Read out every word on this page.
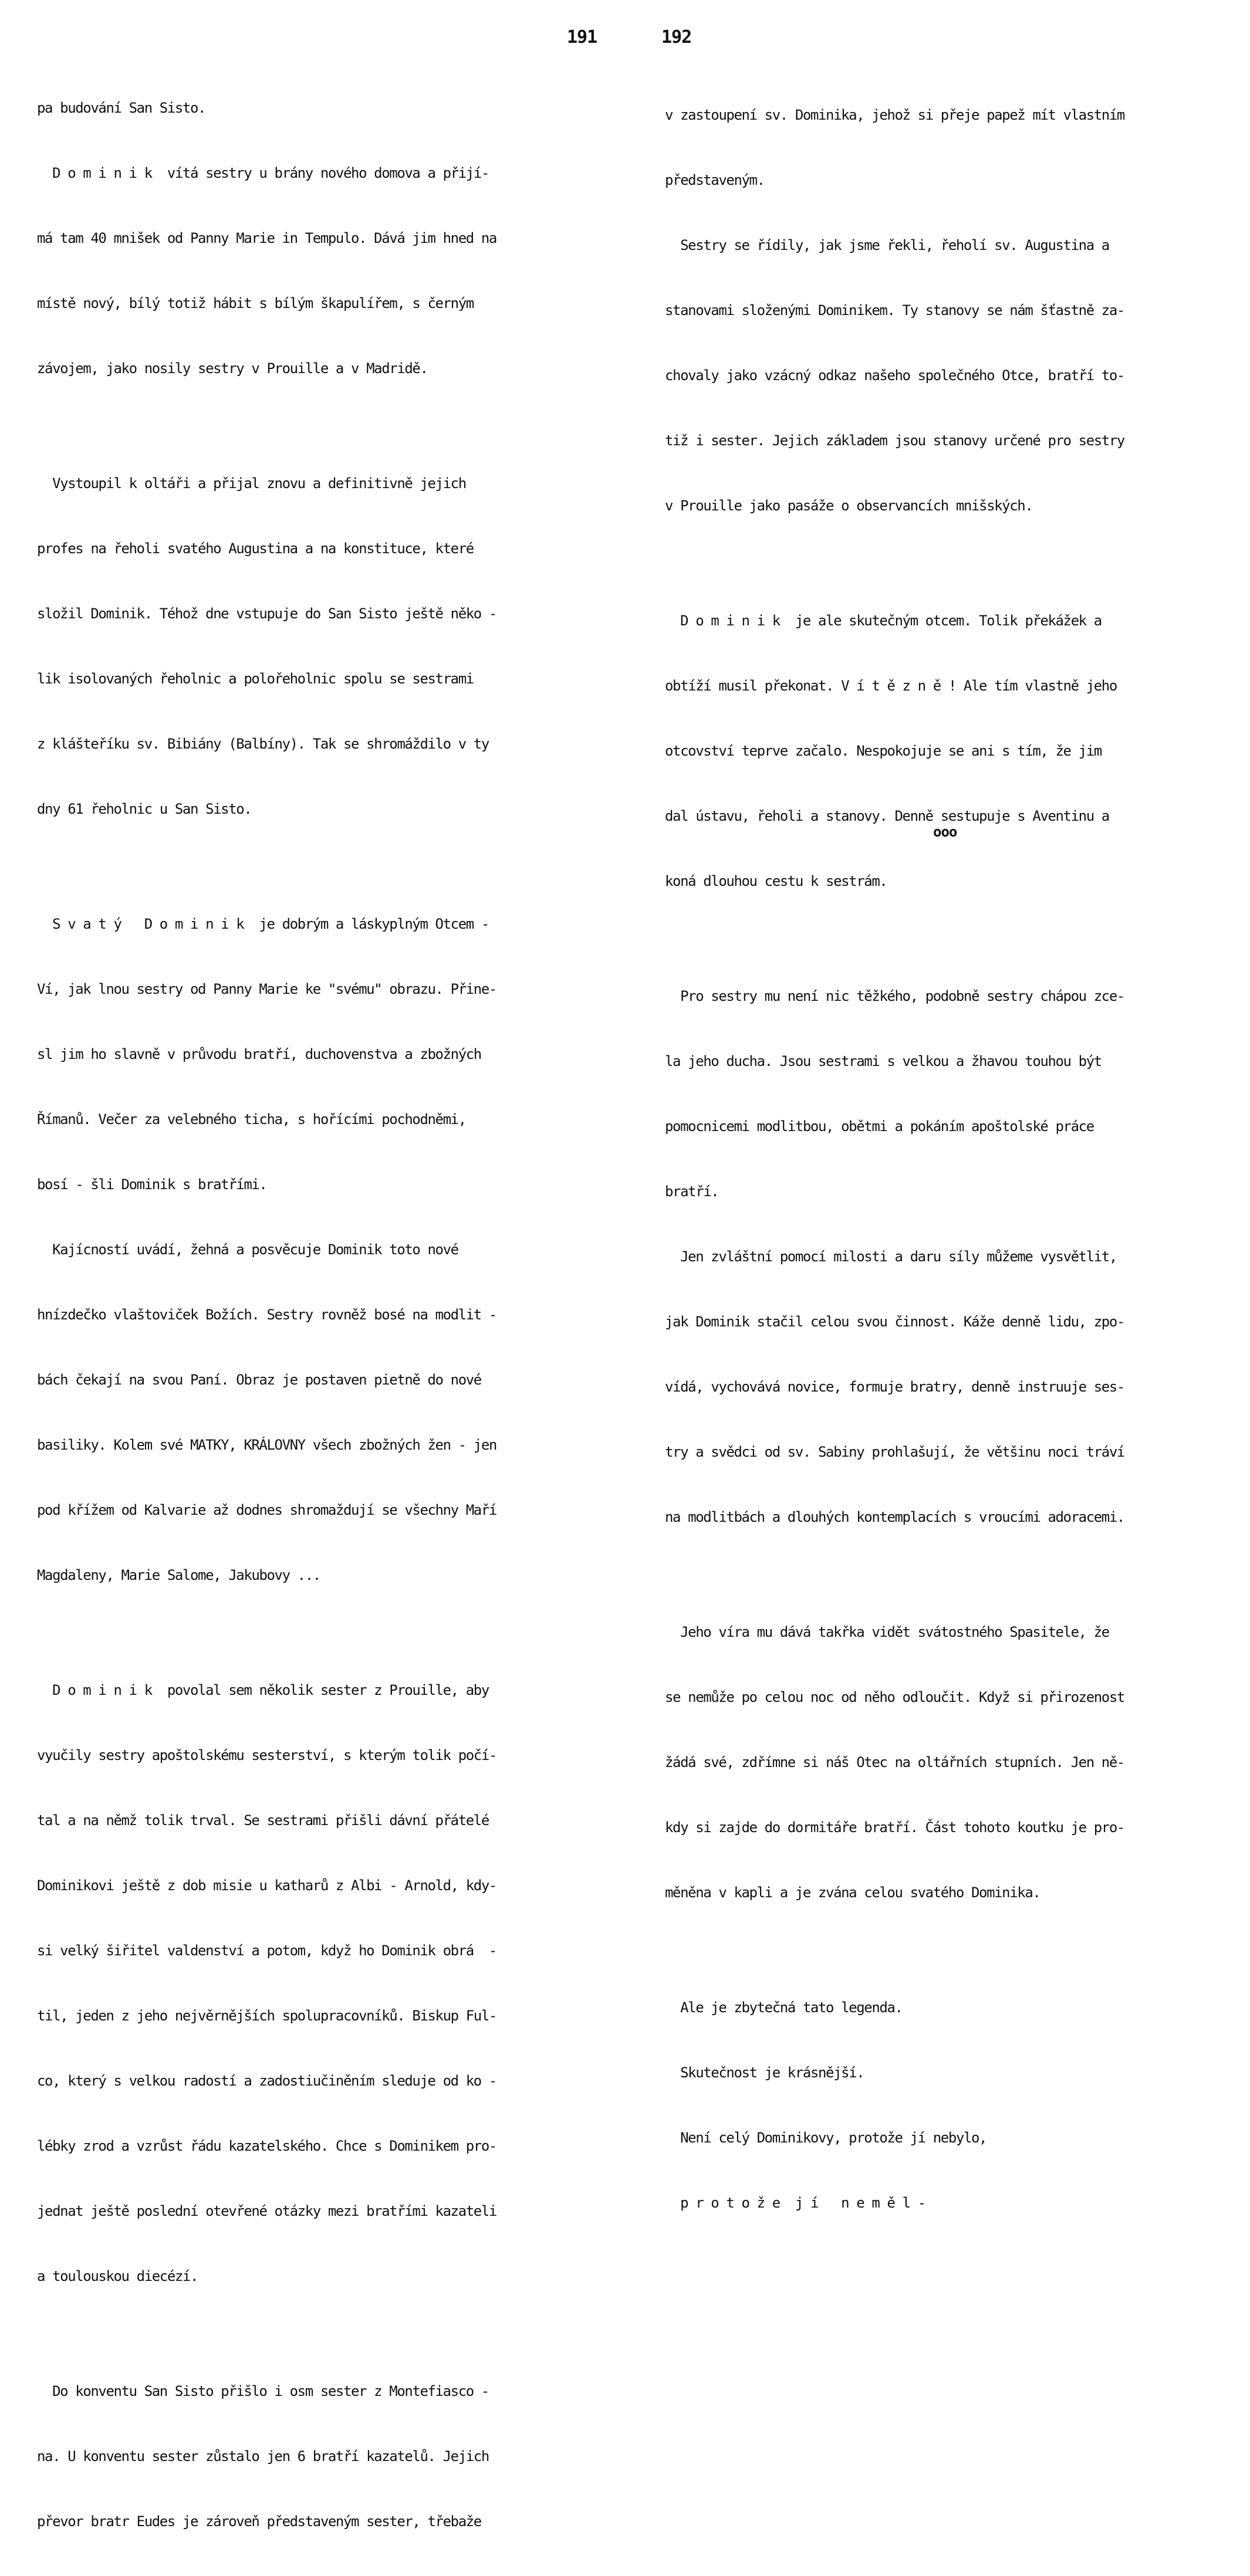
191

pa budování San Sisto.

D o m i n i k  vítá sestry u brány nového domova a přijí-

má tam 40 mnišek od Panny Marie in Tempulo. Dává jim hned na

místě nový, bílý totiž hábit s bílým škapulířem, s černým

závojem, jako nosily sestry v Prouille a v Madridě.

Vystoupil k oltáři a přijal znovu a definitivně jejich

profes na řeholi svatého Augustina a na konstituce, které

složil Dominik. Téhož dne vstupuje do San Sisto ještě něko -

lik isolovaných řeholnic a polořeholnic spolu se sestrami

z klášteříku sv. Bibiány (Balbíny). Tak se shromáždilo v ty

dny 61 řeholnic u San Sisto.

S v a t ý   D o m i n i k  je dobrým a láskyplným Otcem -

Ví, jak lnou sestry od Panny Marie ke "svému" obrazu. Přine-

sl jim ho slavně v průvodu bratří, duchovenstva a zbožných

Římanů. Večer za velebného ticha, s hořícími pochodněmi,

bosí - šli Dominik s bratřími.

Kajícností uvádí, žehná a posvěcuje Dominik toto nové

hnízdečko vlaštoviček Božích. Sestry rovněž bosé na modlit -

bách čekají na svou Paní. Obraz je postaven pietně do nové

basiliky. Kolem své MATKY, KRÁLOVNY všech zbožných žen - jen

pod křížem od Kalvarie až dodnes shromaždují se všechny Maří

Magdaleny, Marie Salome, Jakubovy ...

D o m i n i k  povolal sem několik sester z Prouille, aby

vyučily sestry apoštolskému sesterství, s kterým tolik počí-

tal a na němž tolik trval. Se sestrami přišli dávní přátelé

Dominikovi ještě z dob misie u katharů z Albi - Arnold, kdy-

si velký šiřitel valdenství a potom, když ho Dominik obrá  -

til, jeden z jeho nejvěrnějších spolupracovníků. Biskup Ful-

co, který s velkou radostí a zadostiučiněním sleduje od ko -

lébky zrod a vzrůst řádu kazatelského. Chce s Dominikem pro-

jednat ještě poslední otevřené otázky mezi bratřími kazateli

a toulouskou diecézí.

Do konventu San Sisto přišlo i osm sester z Montefiasco -

na. U konventu sester zůstalo jen 6 bratří kazatelů. Jejich

převor bratr Eudes je zároveň představeným sester, třebaže

192

v zastoupení sv. Dominika, jehož si přeje papež mít vlastním

představeným.

Sestry se řídily, jak jsme řekli, řeholí sv. Augustina a

stanovami složenými Dominikem. Ty stanovy se nám šťastně za-

chovaly jako vzácný odkaz našeho společného Otce, bratří to-

tiž i sester. Jejich základem jsou stanovy určené pro sestry

v Prouille jako pasáže o observancích mnišských.

D o m i n i k  je ale skutečným otcem. Tolik překážek a

obtíží musil překonat. V í t ě z n ě ! Ale tím vlastně jeho

otcovství teprve začalo. Nespokojuje se ani s tím, že jim

dal ústavu, řeholi a stanovy. Denně sestupuje s Aventinu a

koná dlouhou cestu k sestrám.

Pro sestry mu není nic těžkého, podobně sestry chápou zce-

la jeho ducha. Jsou sestrami s velkou a žhavou touhou být

pomocnicemi modlitbou, obětmi a pokáním apoštolské práce

bratří.

Jen zvláštní pomocí milosti a daru síly můžeme vysvětlit,

jak Dominik stačil celou svou činnost. Káže denně lidu, zpo-

vídá, vychovává novice, formuje bratry, denně instruuje ses-

try a svědci od sv. Sabiny prohlašují, že většinu noci tráví

na modlitbách a dlouhých kontemplacích s vroucími adoracemi.

Jeho víra mu dává takřka vidět svátostného Spasitele, že

se nemůže po celou noc od něho odloučit. Když si přirozenost

žádá své, zdřímne si náš Otec na oltářních stupních. Jen ně-

kdy si zajde do dormitáře bratří. Část tohoto koutku je pro-

měněna v kapli a je zvána celou svatého Dominika.

Ale je zbytečná tato legenda.

Skutečnost je krásnější.

Není celý Dominikovy, protože jí nebylo,

p r o t o ž e  j í   n e m ě l -

ooo
